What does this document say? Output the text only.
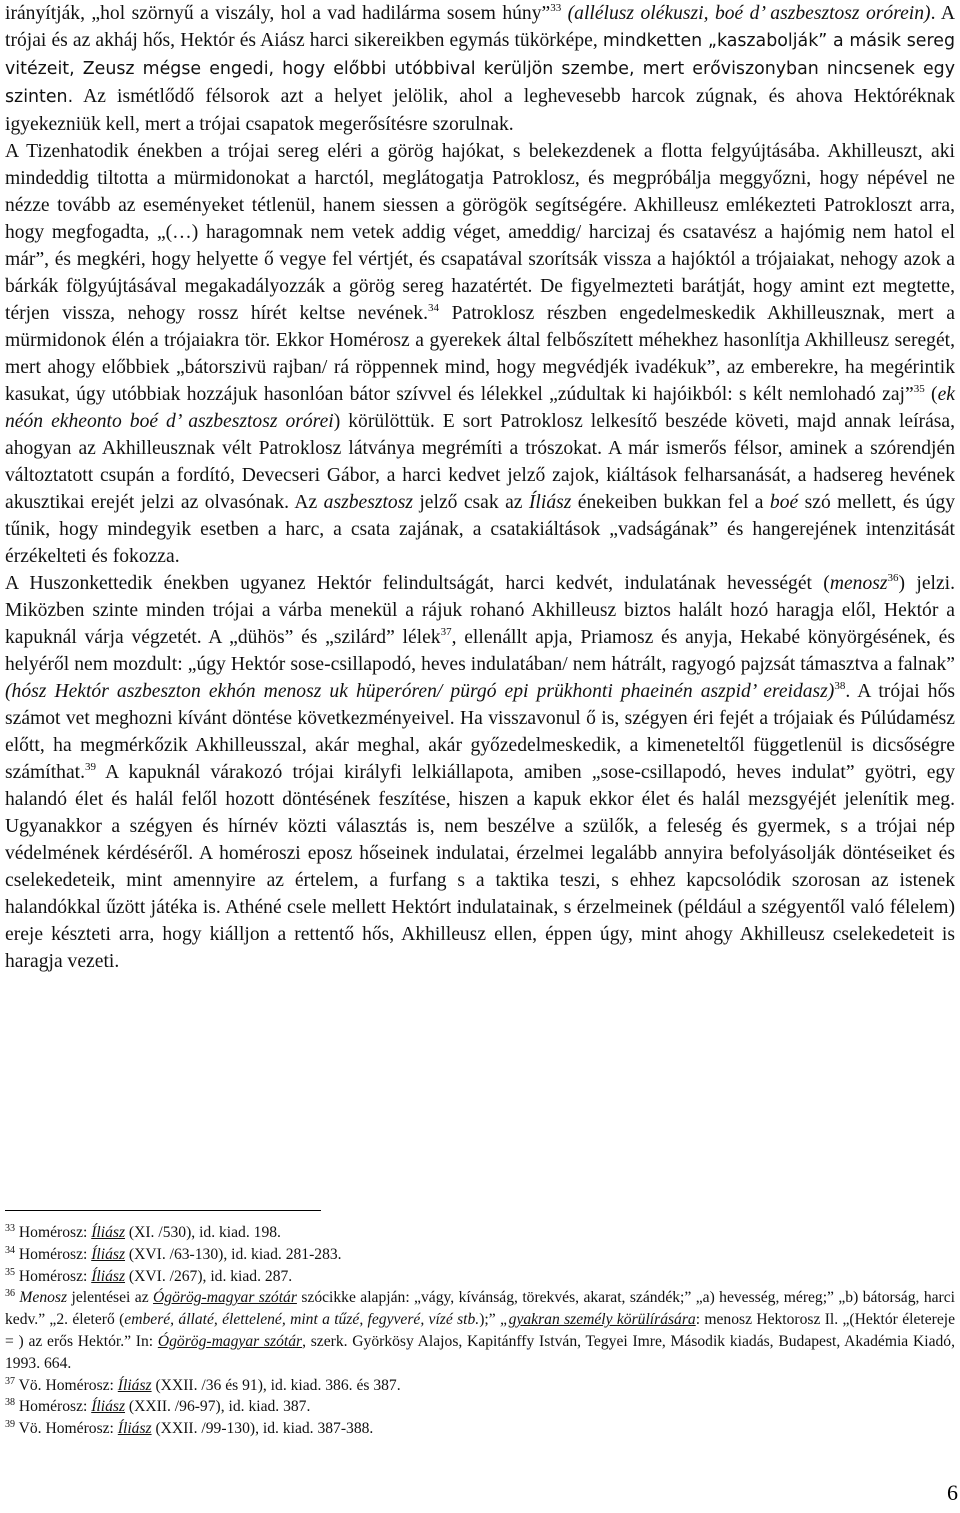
irányítják, „hol szörnyű a viszály, hol a vad hadilárma sosem húny”$^{33}$ (allélusz olékuszi, boé d’ aszbesztosz orórein). A trójai és az akháj hős, Hektór és Aiász harci sikereikben egymás tükörképe, mindketten „kaszabolják” a másik sereg vitézeit, Zeusz mégse engedi, hogy előbbi utóbbival kerüljön szembe, mert erőviszonyban nincsenek egy szinten. Az ismétlődő félsorok azt a helyet jelölik, ahol a leghevesebb harcok zúgnak, és ahova Hektóréknak igyekezniük kell, mert a trójai csapatok megerősítésre szorulnak.

A Tizenhatodik énekben a trójai sereg eléri a görög hajókat, s belekezdenek a flotta felgyújtásába. Akhilleuszt, aki mindeddig tiltotta a mürmidonokat a harctól, meglátogatja Patroklosz, és megpróbálja meggyőzni, hogy népével ne nézze tovább az eseményeket tétlenül, hanem siessen a görögök segítségére. Akhilleusz emlékezteti Patrokloszt arra, hogy megfogadta, „(…) haragomnak nem vetek addig véget, ameddig/ harcizaj és csatavész a hajómig nem hatol el már”, és megkéri, hogy helyette ő vegye fel vértjét, és csapatával szorítsák vissza a hajóktól a trójaiakat, nehogy azok a bárkák fölgyújtásával megakadályozzák a görög sereg hazatértét. De figyelmezteti barátját, hogy amint ezt megtette, térjen vissza, nehogy rossz hírét keltse nevének.$^{34}$ Patroklosz részben engedelmeskedik Akhilleusznak, mert a mürmidonok élén a trójaiakra tör. Ekkor Homérosz a gyerekek által felbőszített méhekhez hasonlítja Akhilleusz seregét, mert ahogy előbbiek „bátorszivü rajban/ rá röppennek mind, hogy megvédjék ivadékuk”, az emberekre, ha megérintik kasukat, úgy utóbbiak hozzájuk hasonlóan bátor szívvel és lélekkel „zúdultak ki hajóikból: s kélt nemlohadó zaj”$^{35}$ (ek néón ekheonto boé d’ aszbesztosz orórei) körülöttük. E sort Patroklosz lelkesítő beszéde követi, majd annak leírása, ahogyan az Akhilleusznak vélt Patroklosz látványa megrémíti a trószokat. A már ismerős félsor, aminek a szórendjén változtatott csupán a fordító, Devecseri Gábor, a harci kedvet jelző zajok, kiáltások felharsanását, a hadsereg hevének akusztikai erejét jelzi az olvasónak. Az aszbesztosz jelző csak az Íliász énekeiben bukkan fel a boé szó mellett, és úgy tűnik, hogy mindegyik esetben a harc, a csata zajának, a csatakiáltások „vadságának” és hangerejének intenzitását érzékelteti és fokozza.

A Huszonkettedik énekben ugyanez Hektór felindultságát, harci kedvét, indulatának hevességét (menosz$^{36}$) jelzi. Miközben szinte minden trójai a várba menekül a rájuk rohanó Akhilleusz biztos halált hozó haragja elől, Hektór a kapuknál várja végzetét. A „dühös” és „szilárd” lélek$^{37}$, ellenállt apja, Priamosz és anyja, Hekabé könyörgésének, és helyéről nem mozdult: „úgy Hektór sose-csillapodó, heves indulatában/ nem hátrált, ragyogó pajzsát támasztva a falnak” (hósz Hektór aszbeszton ekhón menosz uk hüperóren/ pürgó epi prükhonti phaeinén aszpid’ ereidasz)$^{38}$. A trójai hős számot vet meghozni kívánt döntése következményeivel. Ha visszavonul ő is, szégyen éri fejét a trójaiak és Púlúdamész előtt, ha megmérkőzik Akhilleusszal, akár meghal, akár győzedelmeskedik, a kimeneteltől függetlenül is dicsőségre számíthat.$^{39}$ A kapuknál várakozó trójai királyfi lelkiállapota, amiben „sose-csillapodó, heves indulat” gyötri, egy halandó élet és halál felől hozott döntésének feszítése, hiszen a kapuk ekkor élet és halál mezsgyéjét jelenítik meg. Ugyanakkor a szégyen és hírnév közti választás is, nem beszélve a szülők, a feleség és gyermek, s a trójai nép védelmének kérdéséről. A homéroszi eposz hőseinek indulatai, érzelmei legalább annyira befolyásolják döntéseiket és cselekedeteik, mint amennyire az értelem, a furfang s a taktika teszi, s ehhez kapcsolódik szorosan az istenek halandókkal űzött játéka is. Athéné csele mellett Hektórt indulatainak, s érzelmeinek (például a szégyentől való félelem) ereje készteti arra, hogy kiálljon a rettentő hős, Akhilleusz ellen, éppen úgy, mint ahogy Akhilleusz cselekedeteit is haragja vezeti.

$^{33}$ Homérosz: Íliász (XI. /530), id. kiad. 198.

$^{34}$ Homérosz: Íliász (XVI. /63-130), id. kiad. 281-283.

$^{35}$ Homérosz: Íliász (XVI. /267), id. kiad. 287.

$^{36}$ Menosz jelentései az Ógörög-magyar szótár szócikke alapján: „vágy, kívánság, törekvés, akarat, szándék;” „a) hevesség, méreg;” „b) bátorság, harci kedv.” „2. életerő (emberé, állaté, élettelené, mint a tűzé, fegyveré, vízé stb.);” „gyakran személy körülírására: menosz Hektorosz Il. „(Hektór életereje = ) az erős Hektór.” In: Ógörög-magyar szótár, szerk. Györkösy Alajos, Kapitánffy István, Tegyei Imre, Második kiadás, Budapest, Akadémia Kiadó, 1993. 664.

$^{37}$ Vö. Homérosz: Íliász (XXII. /36 és 91), id. kiad. 386. és 387.

$^{38}$ Homérosz: Íliász (XXII. /96-97), id. kiad. 387.

$^{39}$ Vö. Homérosz: Íliász (XXII. /99-130), id. kiad. 387-388.

6
